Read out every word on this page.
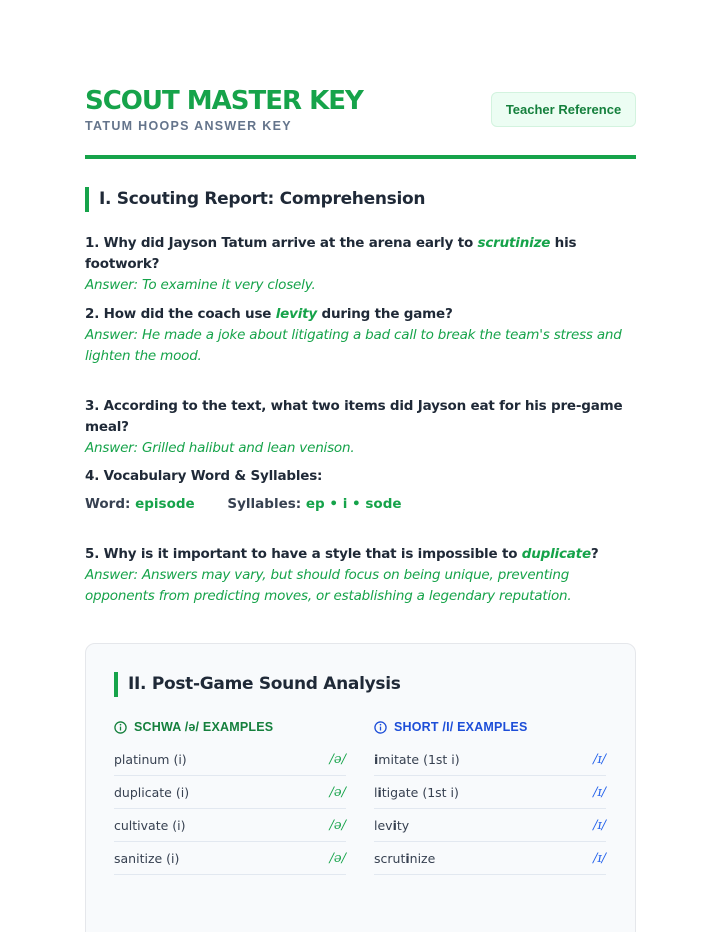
SCOUT MASTER KEY
TATUM HOOPS ANSWER KEY
Teacher Reference
I. Scouting Report: Comprehension
1. Why did Jayson Tatum arrive at the arena early to scrutinize his footwork?
Answer: To examine it very closely.
2. How did the coach use levity during the game?
Answer: He made a joke about litigating a bad call to break the team's stress and lighten the mood.
3. According to the text, what two items did Jayson eat for his pre-game meal?
Answer: Grilled halibut and lean venison.
4. Vocabulary Word & Syllables:
Word: episode Syllables: ep • i • sode
5. Why is it important to have a style that is impossible to duplicate?
Answer: Answers may vary, but should focus on being unique, preventing opponents from predicting moves, or establishing a legendary reputation.
II. Post-Game Sound Analysis
SCHWA /ə/ EXAMPLES
platinum (i)	/ə/
duplicate (i)	/ə/
cultivate (i)	/ə/
sanitize (i)	/ə/
SHORT /I/ EXAMPLES
imitate (1st i)	/ɪ/
litigate (1st i)	/ɪ/
levity	/ɪ/
scrutinize	/ɪ/
